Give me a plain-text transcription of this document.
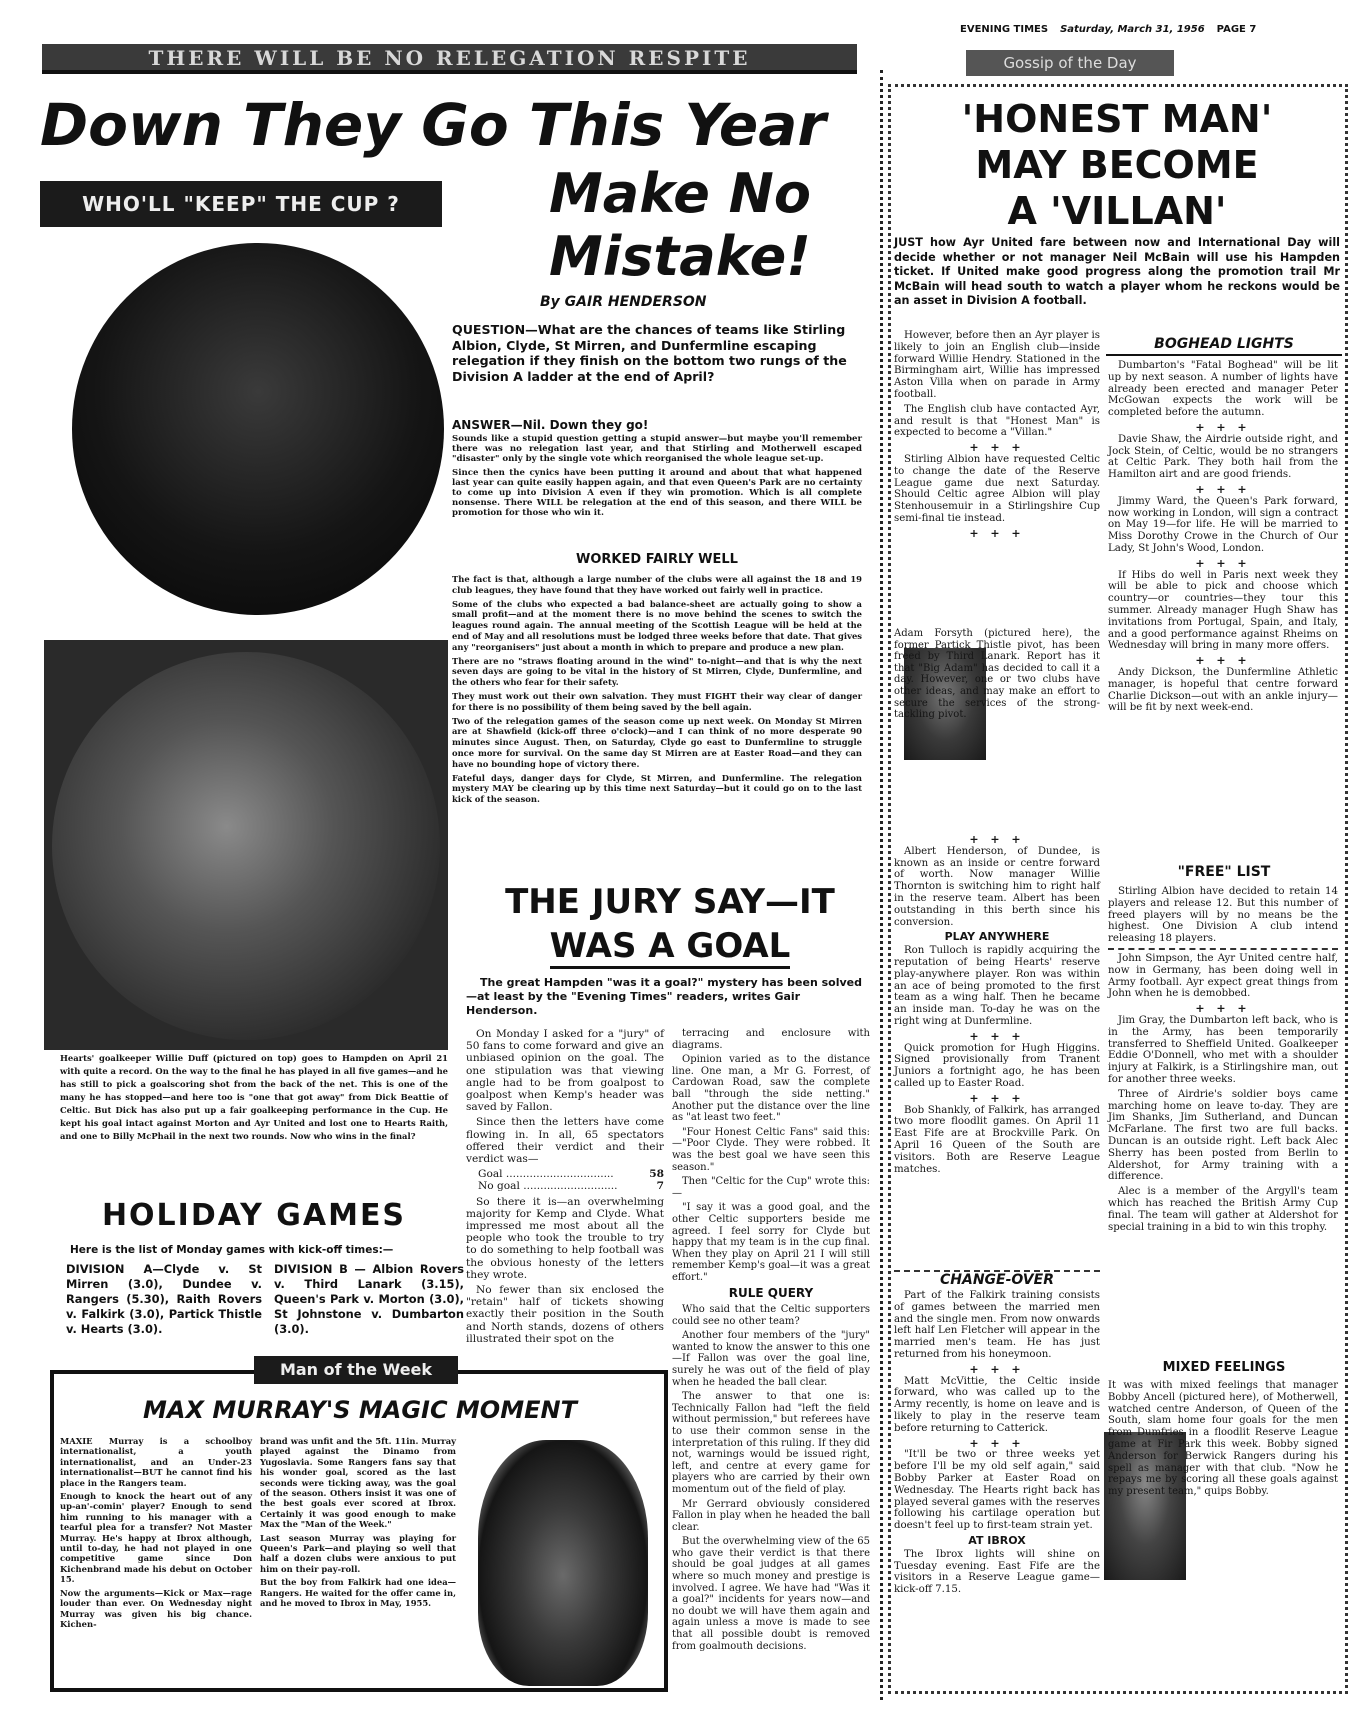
EVENING TIMES Saturday, March 31, 1956 PAGE 7
THERE WILL BE NO RELEGATION RESPITE
Down They Go This Year
WHO'LL "KEEP" THE CUP ?	Make No
Mistake!
Hearts' goalkeeper Willie Duff (pictured on top) goes to Hampden on April 21 with quite a record. On the way to the final he has played in all five games—and he has still to pick a goalscoring shot from the back of the net. This is one of the many he has stopped—and here too is "one that got away" from Dick Beattie of Celtic. But Dick has also put up a fair goalkeeping performance in the Cup. He kept his goal intact against Morton and Ayr United and lost one to Hearts Raith, and one to Billy McPhail in the next two rounds. Now who wins in the final?
By GAIR HENDERSON
QUESTION—What are the chances of teams like Stirling Albion, Clyde, St Mirren, and Dunfermline escaping relegation if they finish on the bottom two rungs of the Division A ladder at the end of April?
ANSWER—Nil. Down they go!

Sounds like a stupid question getting a stupid answer—but maybe you'll remember there was no relegation last year, and that Stirling and Motherwell escaped "disaster" only by the single vote which reorganised the whole league set-up.

Since then the cynics have been putting it around and about that what happened last year can quite easily happen again, and that even Queen's Park are no certainty to come up into Division A even if they win promotion. Which is all complete nonsense. There WILL be relegation at the end of this season, and there WILL be promotion for those who win it.

WORKED FAIRLY WELL

The fact is that, although a large number of the clubs were all against the 18 and 19 club leagues, they have found that they have worked out fairly well in practice.

Some of the clubs who expected a bad balance-sheet are actually going to show a small profit—and at the moment there is no move behind the scenes to switch the leagues round again. The annual meeting of the Scottish League will be held at the end of May and all resolutions must be lodged three weeks before that date. That gives any "reorganisers" just about a month in which to prepare and produce a new plan.

There are no "straws floating around in the wind" to-night—and that is why the next seven days are going to be vital in the history of St Mirren, Clyde, Dunfermline, and the others who fear for their safety.

They must work out their own salvation. They must FIGHT their way clear of danger for there is no possibility of them being saved by the bell again.

Two of the relegation games of the season come up next week. On Monday St Mirren are at Shawfield (kick-off three o'clock)—and I can think of no more desperate 90 minutes since August. Then, on Saturday, Clyde go east to Dunfermline to struggle once more for survival. On the same day St Mirren are at Easter Road—and they can have no bounding hope of victory there.

Fateful days, danger days for Clyde, St Mirren, and Dunfermline. The relegation mystery MAY be clearing up by this time next Saturday—but it could go on to the last kick of the season.

THE JURY SAY—IT
WAS A GOAL
The great Hampden "was it a goal?" mystery has been solved—at least by the "Evening Times" readers, writes Gair Henderson.

On Monday I asked for a "jury" of 50 fans to come forward and give an unbiased opinion on the goal. The one stipulation was that viewing angle had to be from goalpost to goalpost when Kemp's header was saved by Fallon.

Since then the letters have come flowing in. In all, 65 spectators offered their verdict and their verdict was—

Goal ................................	58
No goal ............................	7

So there it is—an overwhelming majority for Kemp and Clyde. What impressed me most about all the people who took the trouble to try to do something to help football was the obvious honesty of the letters they wrote.

No fewer than six enclosed the "retain" half of tickets showing exactly their position in the South and North stands, dozens of others illustrated their spot on the

terracing and enclosure with diagrams.

Opinion varied as to the distance line. One man, a Mr G. Forrest, of Cardowan Road, saw the complete ball "through the side netting." Another put the distance over the line as "at least two feet."

"Four Honest Celtic Fans" said this:—"Poor Clyde. They were robbed. It was the best goal we have seen this season."

Then "Celtic for the Cup" wrote this:—

"I say it was a good goal, and the other Celtic supporters beside me agreed. I feel sorry for Clyde but happy that my team is in the cup final. When they play on April 21 I will still remember Kemp's goal—it was a great effort."

RULE QUERY

Who said that the Celtic supporters could see no other team?

Another four members of the "jury" wanted to know the answer to this one—If Fallon was over the goal line, surely he was out of the field of play when he headed the ball clear.

The answer to that one is: Technically Fallon had "left the field without permission," but referees have to use their common sense in the interpretation of this ruling. If they did not, warnings would be issued right, left, and centre at every game for players who are carried by their own momentum out of the field of play.

Mr Gerrard obviously considered Fallon in play when he headed the ball clear.

But the overwhelming view of the 65 who gave their verdict is that there should be goal judges at all games where so much money and prestige is involved. I agree. We have had "Was it a goal?" incidents for years now—and no doubt we will have them again and again unless a move is made to see that all possible doubt is removed from goalmouth decisions.

HOLIDAY GAMES
Here is the list of Monday games with kick-off times:—
DIVISION A—Clyde v. St Mirren (3.0), Dundee v. Rangers (5.30), Raith Rovers v. Falkirk (3.0), Partick Thistle v. Hearts (3.0).
DIVISION B — Albion Rovers v. Third Lanark (3.15), Queen's Park v. Morton (3.0), St Johnstone v. Dumbarton (3.0).
Man of the Week
MAX MURRAY'S MAGIC MOMENT

MAXIE Murray is a schoolboy internationalist, a youth internationalist, and an Under-23 internationalist—BUT he cannot find his place in the Rangers team.

Enough to knock the heart out of any up-an'-comin' player? Enough to send him running to his manager with a tearful plea for a transfer? Not Master Murray. He's happy at Ibrox although, until to-day, he had not played in one competitive game since Don Kichenbrand made his debut on October 15.

Now the arguments—Kick or Max—rage louder than ever. On Wednesday night Murray was given his big chance. Kichen-

brand was unfit and the 5ft. 11in. Murray played against the Dinamo from Yugoslavia. Some Rangers fans say that his wonder goal, scored as the last seconds were ticking away, was the goal of the season. Others insist it was one of the best goals ever scored at Ibrox. Certainly it was good enough to make Max the "Man of the Week."

Last season Murray was playing for Queen's Park—and playing so well that half a dozen clubs were anxious to put him on their pay-roll.

But the boy from Falkirk had one idea—Rangers. He waited for the offer came in, and he moved to Ibrox in May, 1955.

Gossip of the Day
'HONEST MAN'
MAY BECOME
A 'VILLAN'
JUST how Ayr United fare between now and International Day will decide whether or not manager Neil McBain will use his Hampden ticket. If United make good progress along the promotion trail Mr McBain will head south to watch a player whom he reckons would be an asset in Division A football.

However, before then an Ayr player is likely to join an English club—inside forward Willie Hendry. Stationed in the Birmingham airt, Willie has impressed Aston Villa when on parade in Army football.

The English club have contacted Ayr, and result is that "Honest Man" is expected to become a "Villan."

+ + +

Stirling Albion have requested Celtic to change the date of the Reserve League game due next Saturday. Should Celtic agree Albion will play Stenhousemuir in a Stirlingshire Cup semi-final tie instead.

+ + +
Adam Forsyth (pictured here), the former Partick Thistle pivot, has been freed by Third Lanark. Report has it that "Big Adam" has decided to call it a day. However, one or two clubs have other ideas, and may make an effort to secure the services of the strong-tackling pivot.
+ + +

Albert Henderson, of Dundee, is known as an inside or centre forward of worth. Now manager Willie Thornton is switching him to right half in the reserve team. Albert has been outstanding in this berth since his conversion.

PLAY ANYWHERE

Ron Tulloch is rapidly acquiring the reputation of being Hearts' reserve play-anywhere player. Ron was within an ace of being promoted to the first team as a wing half. Then he became an inside man. To-day he was on the right wing at Dunfermline.

+ + +

Quick promotion for Hugh Higgins. Signed provisionally from Tranent Juniors a fortnight ago, he has been called up to Easter Road.

+ + +

Bob Shankly, of Falkirk, has arranged two more floodlit games. On April 11 East Fife are at Brockville Park. On April 16 Queen of the South are visitors. Both are Reserve League matches.

CHANGE-OVER

Part of the Falkirk training consists of games between the married men and the single men. From now onwards left half Len Fletcher will appear in the married men's team. He has just returned from his honeymoon.

+ + +

Matt McVittie, the Celtic inside forward, who was called up to the Army recently, is home on leave and is likely to play in the reserve team before returning to Catterick.

+ + +

"It'll be two or three weeks yet before I'll be my old self again," said Bobby Parker at Easter Road on Wednesday. The Hearts right back has played several games with the reserves following his cartilage operation but doesn't feel up to first-team strain yet.

AT IBROX

The Ibrox lights will shine on Tuesday evening. East Fife are the visitors in a Reserve League game—kick-off 7.15.

BOGHEAD LIGHTS

Dumbarton's "Fatal Boghead" will be lit up by next season. A number of lights have already been erected and manager Peter McGowan expects the work will be completed before the autumn.

+ + +

Davie Shaw, the Airdrie outside right, and Jock Stein, of Celtic, would be no strangers at Celtic Park. They both hail from the Hamilton airt and are good friends.

+ + +

Jimmy Ward, the Queen's Park forward, now working in London, will sign a contract on May 19—for life. He will be married to Miss Dorothy Crowe in the Church of Our Lady, St John's Wood, London.

+ + +

If Hibs do well in Paris next week they will be able to pick and choose which country—or countries—they tour this summer. Already manager Hugh Shaw has invitations from Portugal, Spain, and Italy, and a good performance against Rheims on Wednesday will bring in many more offers.

+ + +

Andy Dickson, the Dunfermline Athletic manager, is hopeful that centre forward Charlie Dickson—out with an ankle injury—will be fit by next week-end.

"FREE" LIST

Stirling Albion have decided to retain 14 players and release 12. But this number of freed players will by no means be the highest. One Division A club intend releasing 18 players.

John Simpson, the Ayr United centre half, now in Germany, has been doing well in Army football. Ayr expect great things from John when he is demobbed.

+ + +

Jim Gray, the Dumbarton left back, who is in the Army, has been temporarily transferred to Sheffield United. Goalkeeper Eddie O'Donnell, who met with a shoulder injury at Falkirk, is a Stirlingshire man, out for another three weeks.

Three of Airdrie's soldier boys came marching home on leave to-day. They are Jim Shanks, Jim Sutherland, and Duncan McFarlane. The first two are full backs. Duncan is an outside right. Left back Alec Sherry has been posted from Berlin to Aldershot, for Army training with a difference.

Alec is a member of the Argyll's team which has reached the British Army Cup final. The team will gather at Aldershot for special training in a bid to win this trophy.

MIXED FEELINGS
It was with mixed feelings that manager Bobby Ancell (pictured here), of Motherwell, watched centre Anderson, of Queen of the South, slam home four goals for the men from Dumfries in a floodlit Reserve League game at Fir Park this week. Bobby signed Anderson for Berwick Rangers during his spell as manager with that club. "Now he repays me by scoring all these goals against my present team," quips Bobby.
